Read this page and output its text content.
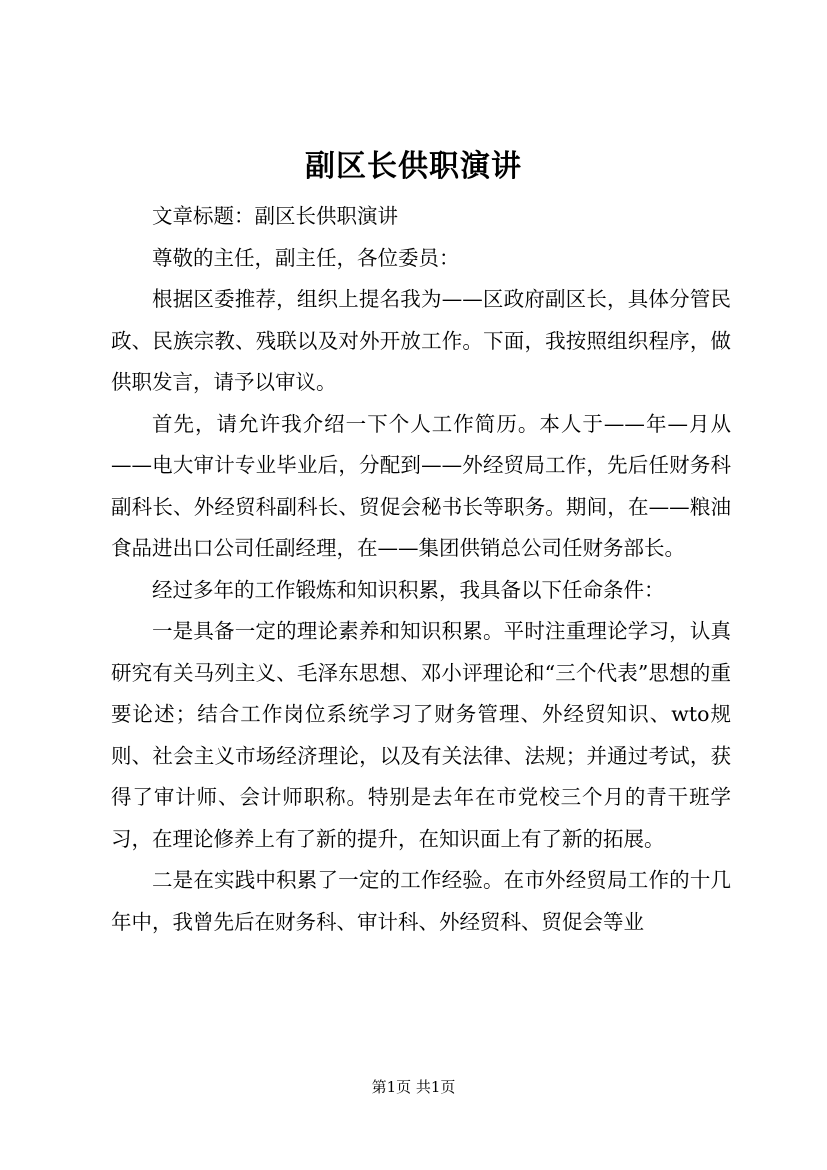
副区长供职演讲

文章标题：副区长供职演讲

尊敬的主任，副主任，各位委员：

根据区委推荐，组织上提名我为——区政府副区长，具体分管民政、民族宗教、残联以及对外开放工作。下面，我按照组织程序，做供职发言，请予以审议。

首先，请允许我介绍一下个人工作简历。本人于——年—月从——电大审计专业毕业后，分配到——外经贸局工作，先后任财务科副科长、外经贸科副科长、贸促会秘书长等职务。期间，在——粮油食品进出口公司任副经理，在——集团供销总公司任财务部长。

经过多年的工作锻炼和知识积累，我具备以下任命条件：

一是具备一定的理论素养和知识积累。平时注重理论学习，认真研究有关马列主义、毛泽东思想、邓小评理论和“三个代表”思想的重要论述；结合工作岗位系统学习了财务管理、外经贸知识、wto规则、社会主义市场经济理论，以及有关法律、法规；并通过考试，获得了审计师、会计师职称。特别是去年在市党校三个月的青干班学习，在理论修养上有了新的提升，在知识面上有了新的拓展。

二是在实践中积累了一定的工作经验。在市外经贸局工作的十几年中，我曾先后在财务科、审计科、外经贸科、贸促会等业

第1页 共1页
